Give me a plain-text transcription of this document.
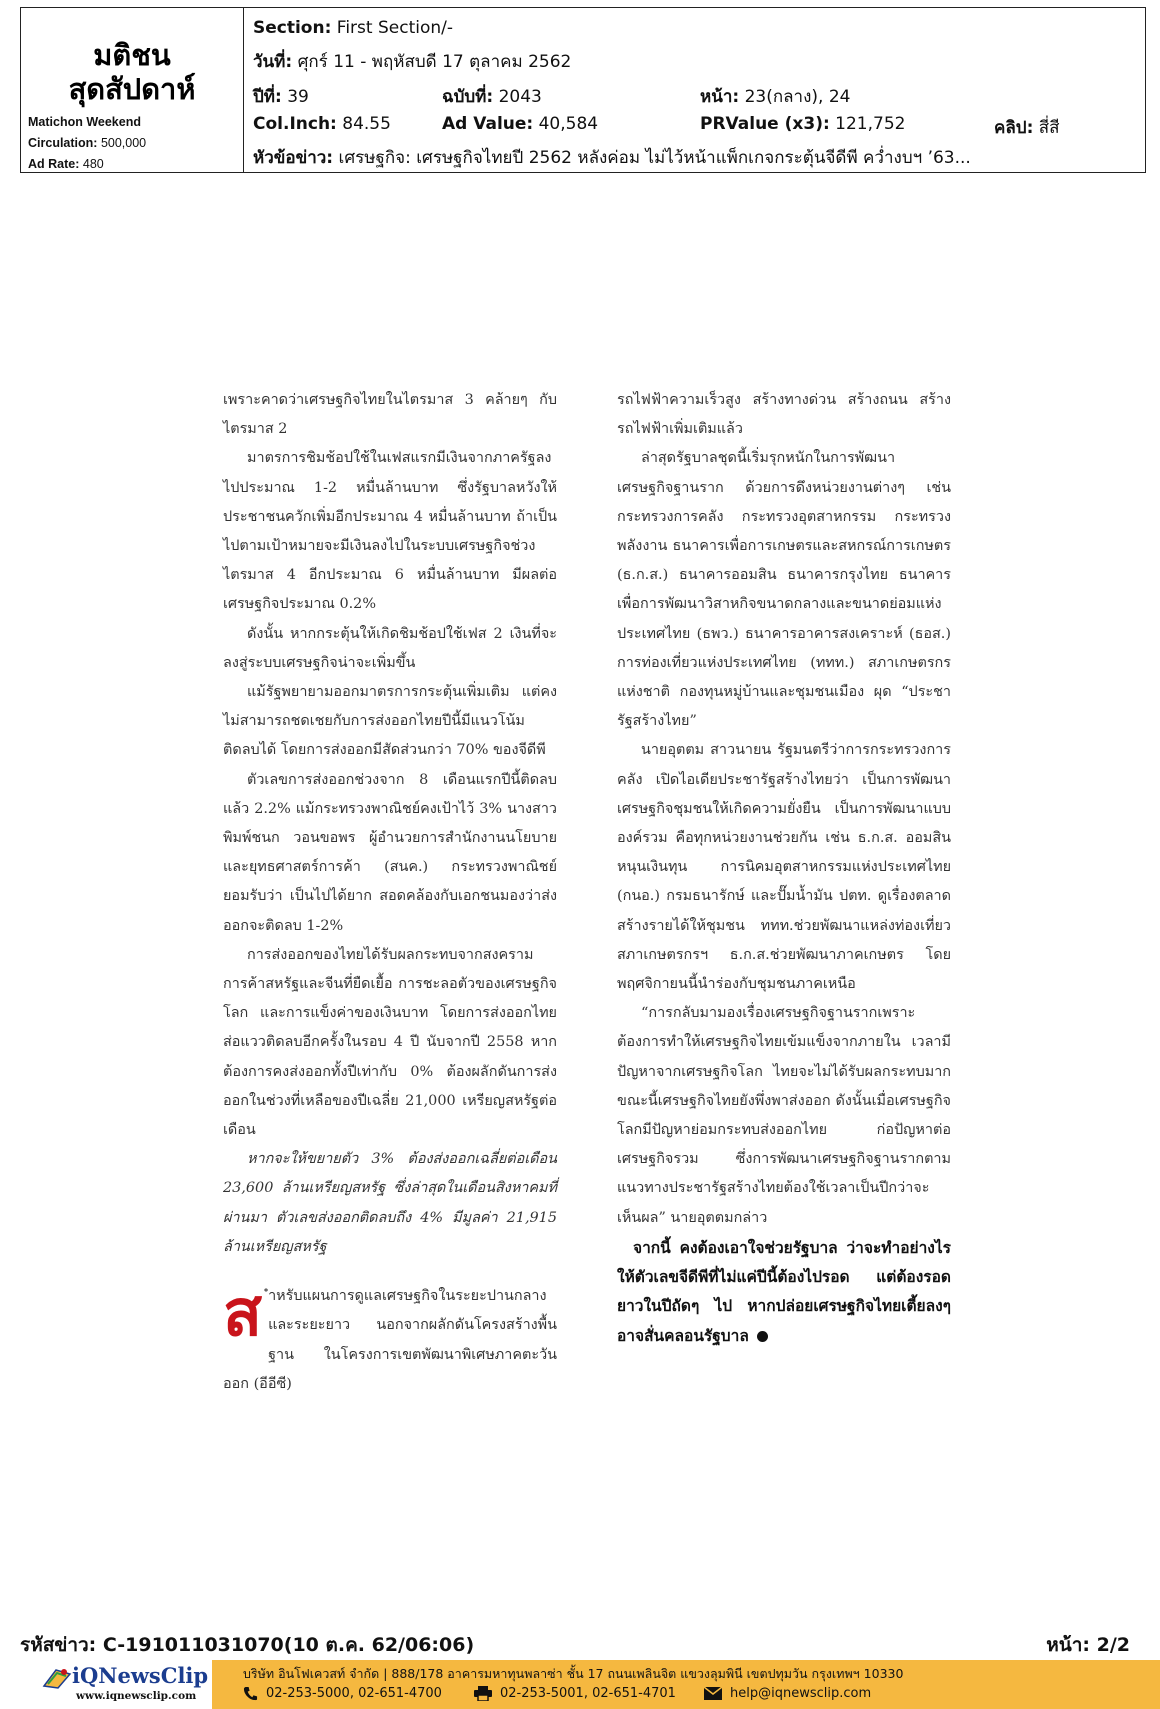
มติชน
สุดสัปดาห์
Matichon Weekend
Circulation: 500,000
Ad Rate: 480
Section: First Section/-
วันที่: ศุกร์ 11 - พฤหัสบดี 17 ตุลาคม 2562
ปีที่: 39	ฉบับที่: 2043	หน้า: 23(กลาง), 24
Col.Inch: 84.55	Ad Value: 40,584	PRValue (x3): 121,752	คลิป: สี่สี
หัวข้อข่าว: เศรษฐกิจ: เศรษฐกิจไทยปี 2562 หลังค่อม ไม่ไว้หน้าแพ็กเกจกระตุ้นจีดีพี คว่ำงบฯ ’63...

เพราะคาดว่าเศรษฐกิจไทยในไตรมาส 3 คล้ายๆ กับไตรมาส 2

มาตรการชิมช้อปใช้ในเฟสแรกมีเงินจากภาครัฐลงไปประมาณ 1-2 หมื่นล้านบาท ซึ่งรัฐบาลหวังให้ประชาชนควักเพิ่มอีกประมาณ 4 หมื่นล้านบาท ถ้าเป็นไปตามเป้าหมายจะมีเงินลงไปในระบบเศรษฐกิจช่วงไตรมาส 4 อีกประมาณ 6 หมื่นล้านบาท มีผลต่อเศรษฐกิจประมาณ 0.2%

ดังนั้น หากกระตุ้นให้เกิดชิมช้อปใช้เฟส 2 เงินที่จะลงสู่ระบบเศรษฐกิจน่าจะเพิ่มขึ้น

แม้รัฐพยายามออกมาตรการกระตุ้นเพิ่มเติม แต่คงไม่สามารถชดเชยกับการส่งออกไทยปีนี้มีแนวโน้มติดลบได้ โดยการส่งออกมีสัดส่วนกว่า 70% ของจีดีพี

ตัวเลขการส่งออกช่วงจาก 8 เดือนแรกปีนี้ติดลบแล้ว 2.2% แม้กระทรวงพาณิชย์คงเป้าไว้ 3% นางสาวพิมพ์ชนก วอนขอพร ผู้อำนวยการสำนักงานนโยบายและยุทธศาสตร์การค้า (สนค.) กระทรวงพาณิชย์ยอมรับว่า เป็นไปได้ยาก สอดคล้องกับเอกชนมองว่าส่งออกจะติดลบ 1-2%

การส่งออกของไทยได้รับผลกระทบจากสงครามการค้าสหรัฐและจีนที่ยืดเยื้อ การชะลอตัวของเศรษฐกิจโลก และการแข็งค่าของเงินบาท โดยการส่งออกไทยส่อแววติดลบอีกครั้งในรอบ 4 ปี นับจากปี 2558 หากต้องการคงส่งออกทั้งปีเท่ากับ 0% ต้องผลักดันการส่งออกในช่วงที่เหลือของปีเฉลี่ย 21,000 เหรียญสหรัฐต่อเดือน

หากจะให้ขยายตัว 3% ต้องส่งออกเฉลี่ยต่อเดือน 23,600 ล้านเหรียญสหรัฐ ซึ่งล่าสุดในเดือนสิงหาคมที่ผ่านมา ตัวเลขส่งออกติดลบถึง 4% มีมูลค่า 21,915 ล้านเหรียญสหรัฐ

สำหรับแผนการดูแลเศรษฐกิจในระยะปานกลางและระยะยาว นอกจากผลักดันโครงสร้างพื้นฐาน ในโครงการเขตพัฒนาพิเศษภาคตะวันออก (อีอีซี)

รถไฟฟ้าความเร็วสูง สร้างทางด่วน สร้างถนน สร้างรถไฟฟ้าเพิ่มเติมแล้ว

ล่าสุดรัฐบาลชุดนี้เริ่มรุกหนักในการพัฒนาเศรษฐกิจฐานราก ด้วยการดึงหน่วยงานต่างๆ เช่น กระทรวงการคลัง กระทรวงอุตสาหกรรม กระทรวงพลังงาน ธนาคารเพื่อการเกษตรและสหกรณ์การเกษตร (ธ.ก.ส.) ธนาคารออมสิน ธนาคารกรุงไทย ธนาคารเพื่อการพัฒนาวิสาหกิจขนาดกลางและขนาดย่อมแห่งประเทศไทย (ธพว.) ธนาคารอาคารสงเคราะห์ (ธอส.) การท่องเที่ยวแห่งประเทศไทย (ททท.) สภาเกษตรกรแห่งชาติ กองทุนหมู่บ้านและชุมชนเมือง ผุด “ประชารัฐสร้างไทย”

นายอุตตม สาวนายน รัฐมนตรีว่าการกระทรวงการคลัง เปิดไอเดียประชารัฐสร้างไทยว่า เป็นการพัฒนาเศรษฐกิจชุมชนให้เกิดความยั่งยืน เป็นการพัฒนาแบบองค์รวม คือทุกหน่วยงานช่วยกัน เช่น ธ.ก.ส. ออมสิน หนุนเงินทุน การนิคมอุตสาหกรรมแห่งประเทศไทย (กนอ.) กรมธนารักษ์ และปั๊มน้ำมัน ปตท. ดูเรื่องตลาดสร้างรายได้ให้ชุมชน ททท.ช่วยพัฒนาแหล่งท่องเที่ยว สภาเกษตรกรฯ ธ.ก.ส.ช่วยพัฒนาภาคเกษตร โดยพฤศจิกายนนี้นำร่องกับชุมชนภาคเหนือ

“การกลับมามองเรื่องเศรษฐกิจฐานรากเพราะต้องการทำให้เศรษฐกิจไทยเข้มแข็งจากภายใน เวลามีปัญหาจากเศรษฐกิจโลก ไทยจะไม่ได้รับผลกระทบมาก ขณะนี้เศรษฐกิจไทยยังพึ่งพาส่งออก ดังนั้นเมื่อเศรษฐกิจโลกมีปัญหาย่อมกระทบส่งออกไทย ก่อปัญหาต่อเศรษฐกิจรวม ซึ่งการพัฒนาเศรษฐกิจฐานรากตามแนวทางประชารัฐสร้างไทยต้องใช้เวลาเป็นปีกว่าจะเห็นผล” นายอุตตมกล่าว

จากนี้ คงต้องเอาใจช่วยรัฐบาล ว่าจะทำอย่างไรให้ตัวเลขจีดีพีที่ไม่แค่ปีนี้ต้องไปรอด แต่ต้องรอดยาวในปีถัดๆ ไป หากปล่อยเศรษฐกิจไทยเตี้ยลงๆ อาจสั่นคลอนรัฐบาล

รหัสข่าว: C-191011031070(10 ต.ค. 62/06:06)	หน้า: 2/2
iQNewsClip
www.iqnewsclip.com
บริษัท อินโฟเควสท์ จำกัด | 888/178 อาคารมหาทุนพลาซ่า ชั้น 17 ถนนเพลินจิต แขวงลุมพินี เขตปทุมวัน กรุงเทพฯ 10330
02-253-5000, 02-651-4700	02-253-5001, 02-651-4701	help@iqnewsclip.com
